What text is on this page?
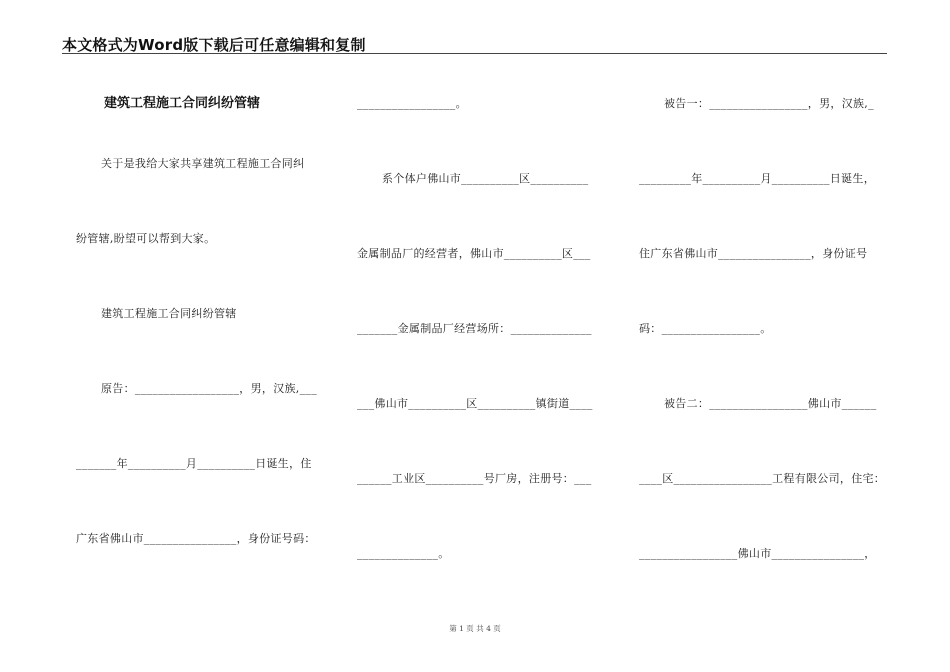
本文格式为Word版下载后可任意编辑和复制
建筑工程施工合同纠纷管辖
关于是我给大家共享建筑工程施工合同纠
纷管辖,盼望可以帮到大家。
建筑工程施工合同纠纷管辖
原告：__________________，男，汉族,___
_______年__________月__________日诞生，住
广东省佛山市________________，身份证号码：
_________________。
系个体户佛山市__________区__________
金属制品厂的经营者，佛山市__________区___
_______金属制品厂经营场所：______________
___佛山市__________区__________镇街道____
______工业区__________号厂房，注册号：___
______________。
被告一：_________________，男，汉族,_
_________年__________月__________日诞生，
住广东省佛山市________________，身份证号
码：_________________。
被告二：_________________佛山市______
____区_________________工程有限公司，住宅：
_________________佛山市________________，
第 1 页 共 4 页
